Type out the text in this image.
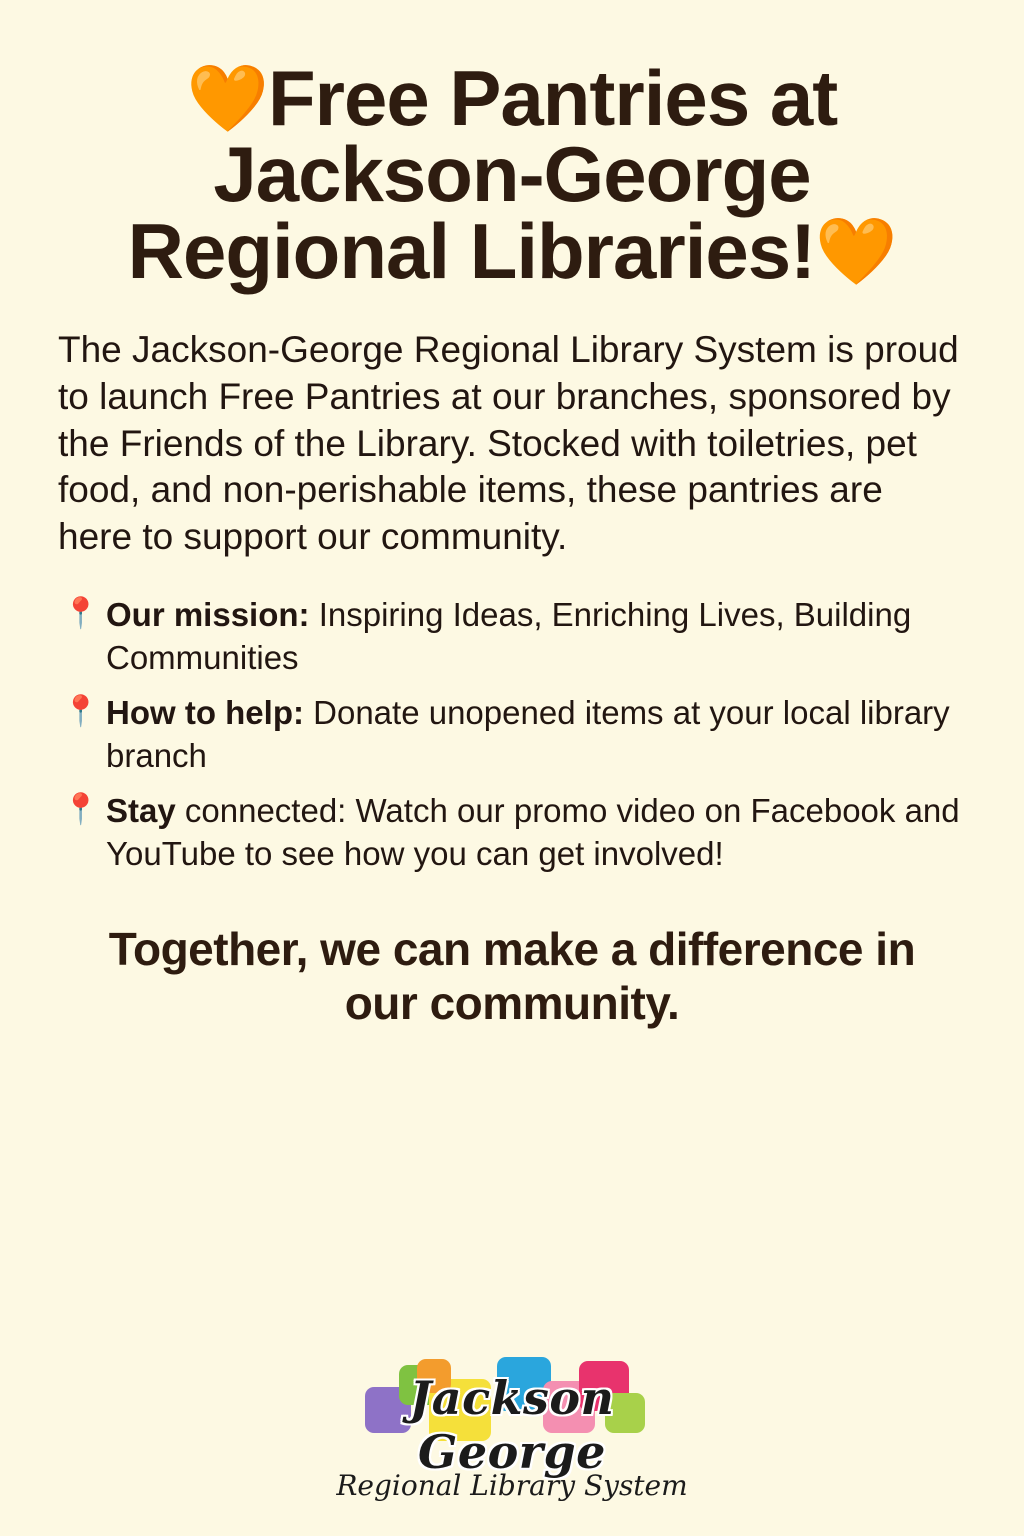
🧡Free Pantries at Jackson-George Regional Libraries!🧡

The Jackson-George Regional Library System is proud to launch Free Pantries at our branches, sponsored by the Friends of the Library. Stocked with toiletries, pet food, and non-perishable items, these pantries are here to support our community.

📍 Our mission: Inspiring Ideas, Enriching Lives, Building Communities
📍 How to help: Donate unopened items at your local library branch
📍 Stay connected: Watch our promo video on Facebook and YouTube to see how you can get involved!

Together, we can make a difference in our community.

Jackson George
Regional Library System
